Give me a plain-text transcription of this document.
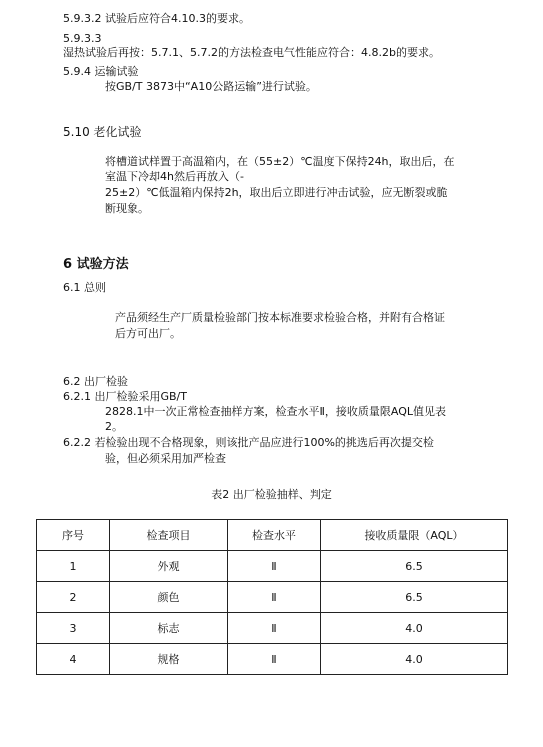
5.9.3.2 试验后应符合4.10.3的要求。
5.9.3.3
湿热试验后再按：5.7.1、5.7.2的方法检查电气性能应符合：4.8.2b的要求。
5.9.4 运输试验
按GB/T 3873中“A10公路运输”进行试验。
5.10 老化试验
将槽道试样置于高温箱内，在（55±2）℃温度下保持24h，取出后，在
室温下冷却4h然后再放入（-
25±2）℃低温箱内保持2h，取出后立即进行冲击试验，应无断裂或脆
断现象。
6 试验方法
6.1 总则
产品须经生产厂质量检验部门按本标准要求检验合格，并附有合格证
后方可出厂。
6.2 出厂检验
6.2.1 出厂检验采用GB/T
2828.1中一次正常检查抽样方案，检查水平Ⅱ，接收质量限AQL值见表
2。
6.2.2 若检验出现不合格现象，则该批产品应进行100%的挑选后再次提交检
验，但必须采用加严检查
表2 出厂检验抽样、判定
序号	检查项目	检查水平	接收质量限（AQL）
1	外观	Ⅱ	6.5
2	颜色	Ⅱ	6.5
3	标志	Ⅱ	4.0
4	规格	Ⅱ	4.0
